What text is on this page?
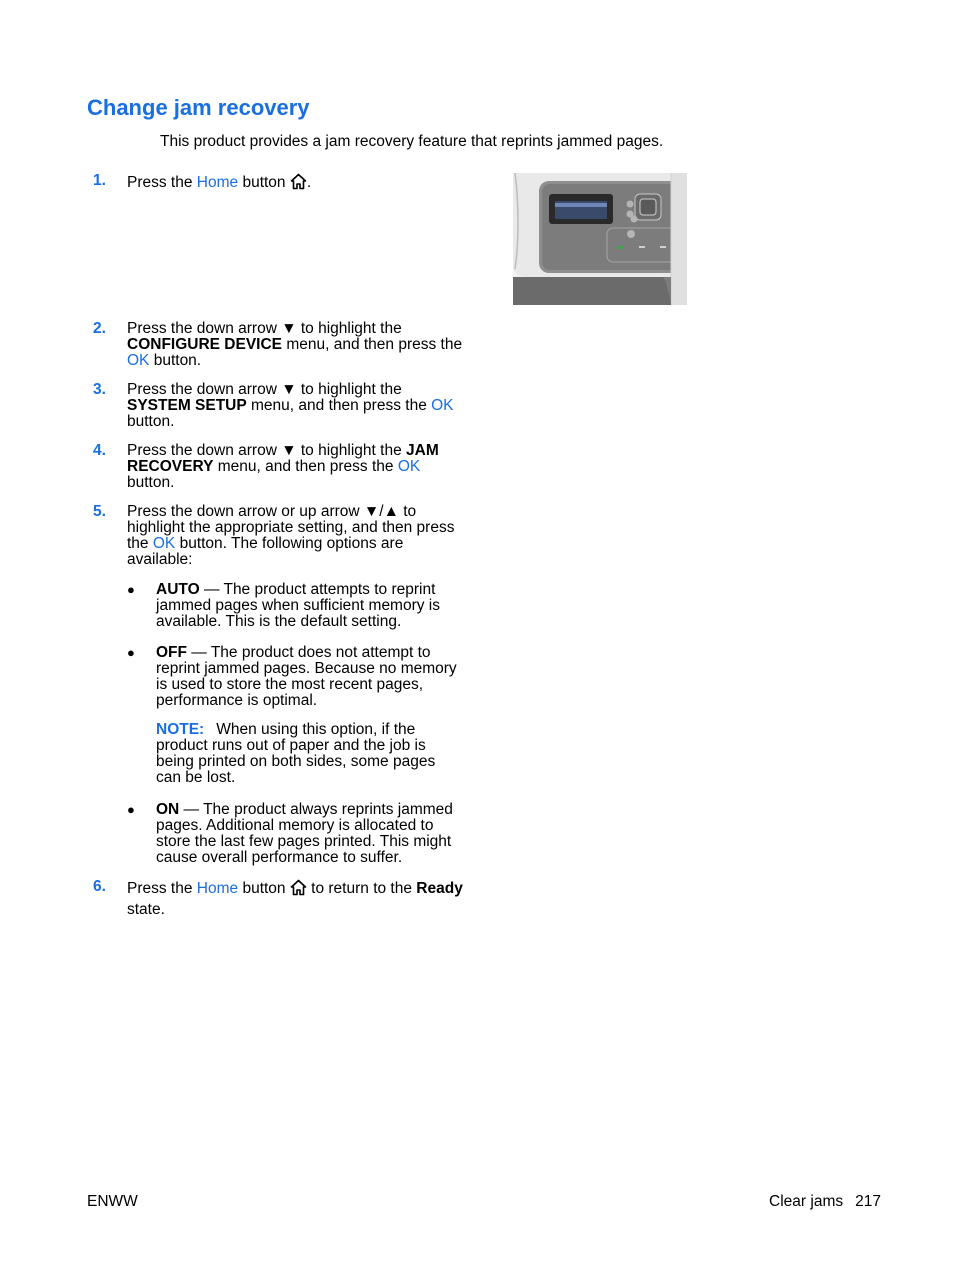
Change jam recovery

This product provides a jam recovery feature that reprints jammed pages.

1. Press the Home button .
2. Press the down arrow ▼ to highlight the CONFIGURE DEVICE menu, and then press the OK button.
3. Press the down arrow ▼ to highlight the SYSTEM SETUP menu, and then press the OK button.
4. Press the down arrow ▼ to highlight the JAM RECOVERY menu, and then press the OK button.
5. Press the down arrow or up arrow ▼/▲ to highlight the appropriate setting, and then press the OK button. The following options are available:
● AUTO — The product attempts to reprint jammed pages when sufficient memory is available. This is the default setting.
● OFF — The product does not attempt to reprint jammed pages. Because no memory is used to store the most recent pages, performance is optimal.
NOTE: When using this option, if the product runs out of paper and the job is being printed on both sides, some pages can be lost.
● ON — The product always reprints jammed pages. Additional memory is allocated to store the last few pages printed. This might cause overall performance to suffer.
6. Press the Home button  to return to the Ready state.
ENWW	Clear jams 217
